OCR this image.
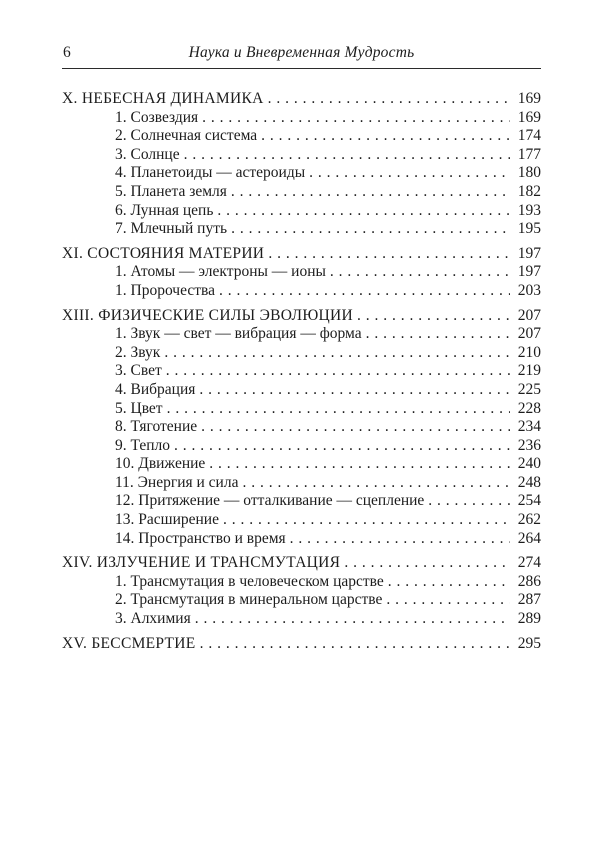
6	Наука и Вневременная Мудрость
X. НЕБЕСНАЯ ДИНАМИКА . . .	169
1. Созвездия . . .	169
2. Солнечная система . . .	174
3. Солнце . . .	177
4. Планетоиды — астероиды . . .	180
5. Планета земля . . .	182
6. Лунная цепь . . .	193
7. Млечный путь . . .	195
XI. СОСТОЯНИЯ МАТЕРИИ . . .	197
1. Атомы — электроны — ионы . . .	197
1. Пророчества . . .	203
XIII. ФИЗИЧЕСКИЕ СИЛЫ ЭВОЛЮЦИИ . . .	207
1. Звук — свет — вибрация — форма . . .	207
2. Звук . . .	210
3. Свет . . .	219
4. Вибрация . . .	225
5. Цвет . . .	228
8. Тяготение . . .	234
9. Тепло . . .	236
10. Движение . . .	240
11. Энергия и сила . . .	248
12. Притяжение — отталкивание — сцепление . . .	254
13. Расширение . . .	262
14. Пространство и время . . .	264
XIV. ИЗЛУЧЕНИЕ И ТРАНСМУТАЦИЯ . . .	274
1. Трансмутация в человеческом царстве . . .	286
2. Трансмутация в минеральном царстве . . .	287
3. Алхимия . . .	289
XV. БЕССМЕРТИЕ . . .	295
